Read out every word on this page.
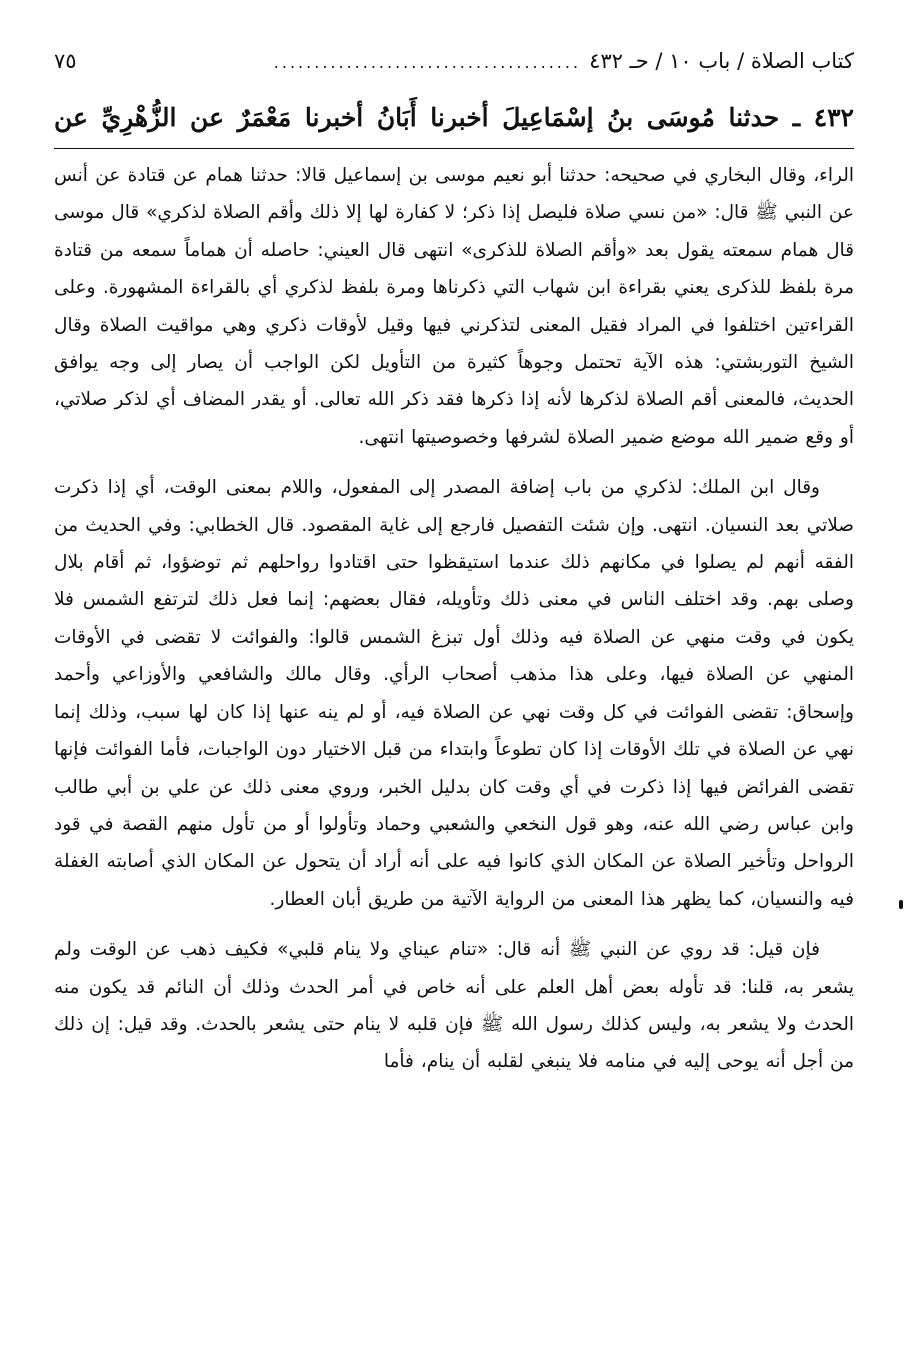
كتاب الصلاة / باب ١٠ / حـ ٤٣٢
......................................
٧٥
٤٣٢ ـ حدثنا مُوسَى بنُ إسْمَاعِيلَ أخبرنا أَبَانُ أخبرنا مَعْمَرٌ عن الزُّهْرِيِّ عن

الراء، وقال البخاري في صحيحه: حدثنا أبو نعيم موسى بن إسماعيل قالا: حدثنا همام عن قتادة عن أنس عن النبي ﷺ قال: «من نسي صلاة فليصل إذا ذكر؛ لا كفارة لها إلا ذلك وأقم الصلاة لذكري» قال موسى قال همام سمعته يقول بعد «وأقم الصلاة للذكرى» انتهى قال العيني: حاصله أن هماماً سمعه من قتادة مرة بلفظ للذكرى يعني بقراءة ابن شهاب التي ذكرناها ومرة بلفظ لذكري أي بالقراءة المشهورة. وعلى القراءتين اختلفوا في المراد فقيل المعنى لتذكرني فيها وقيل لأوقات ذكري وهي مواقيت الصلاة وقال الشيخ التوربشتي: هذه الآية تحتمل وجوهاً كثيرة من التأويل لكن الواجب أن يصار إلى وجه يوافق الحديث، فالمعنى أقم الصلاة لذكرها لأنه إذا ذكرها فقد ذكر الله تعالى. أو يقدر المضاف أي لذكر صلاتي، أو وقع ضمير الله موضع ضمير الصلاة لشرفها وخصوصيتها انتهى.

وقال ابن الملك: لذكري من باب إضافة المصدر إلى المفعول، واللام بمعنى الوقت، أي إذا ذكرت صلاتي بعد النسيان. انتهى. وإن شئت التفصيل فارجع إلى غاية المقصود. قال الخطابي: وفي الحديث من الفقه أنهم لم يصلوا في مكانهم ذلك عندما استيقظوا حتى اقتادوا رواحلهم ثم توضؤوا، ثم أقام بلال وصلى بهم. وقد اختلف الناس في معنى ذلك وتأويله، فقال بعضهم: إنما فعل ذلك لترتفع الشمس فلا يكون في وقت منهي عن الصلاة فيه وذلك أول تبزغ الشمس قالوا: والفوائت لا تقضى في الأوقات المنهي عن الصلاة فيها، وعلى هذا مذهب أصحاب الرأي. وقال مالك والشافعي والأوزاعي وأحمد وإسحاق: تقضى الفوائت في كل وقت نهي عن الصلاة فيه، أو لم ينه عنها إذا كان لها سبب، وذلك إنما نهي عن الصلاة في تلك الأوقات إذا كان تطوعاً وابتداء من قبل الاختيار دون الواجبات، فأما الفوائت فإنها تقضى الفرائض فيها إذا ذكرت في أي وقت كان بدليل الخبر، وروي معنى ذلك عن علي بن أبي طالب وابن عباس رضي الله عنه، وهو قول النخعي والشعبي وحماد وتأولوا أو من تأول منهم القصة في قود الرواحل وتأخير الصلاة عن المكان الذي كانوا فيه على أنه أراد أن يتحول عن المكان الذي أصابته الغفلة فيه والنسيان، كما يظهر هذا المعنى من الرواية الآتية من طريق أبان العطار.

فإن قيل: قد روي عن النبي ﷺ أنه قال: «تنام عيناي ولا ينام قلبي» فكيف ذهب عن الوقت ولم يشعر به، قلنا: قد تأوله بعض أهل العلم على أنه خاص في أمر الحدث وذلك أن النائم قد يكون منه الحدث ولا يشعر به، وليس كذلك رسول الله ﷺ فإن قلبه لا ينام حتى يشعر بالحدث. وقد قيل: إن ذلك من أجل أنه يوحى إليه في منامه فلا ينبغي لقلبه أن ينام، فأما
